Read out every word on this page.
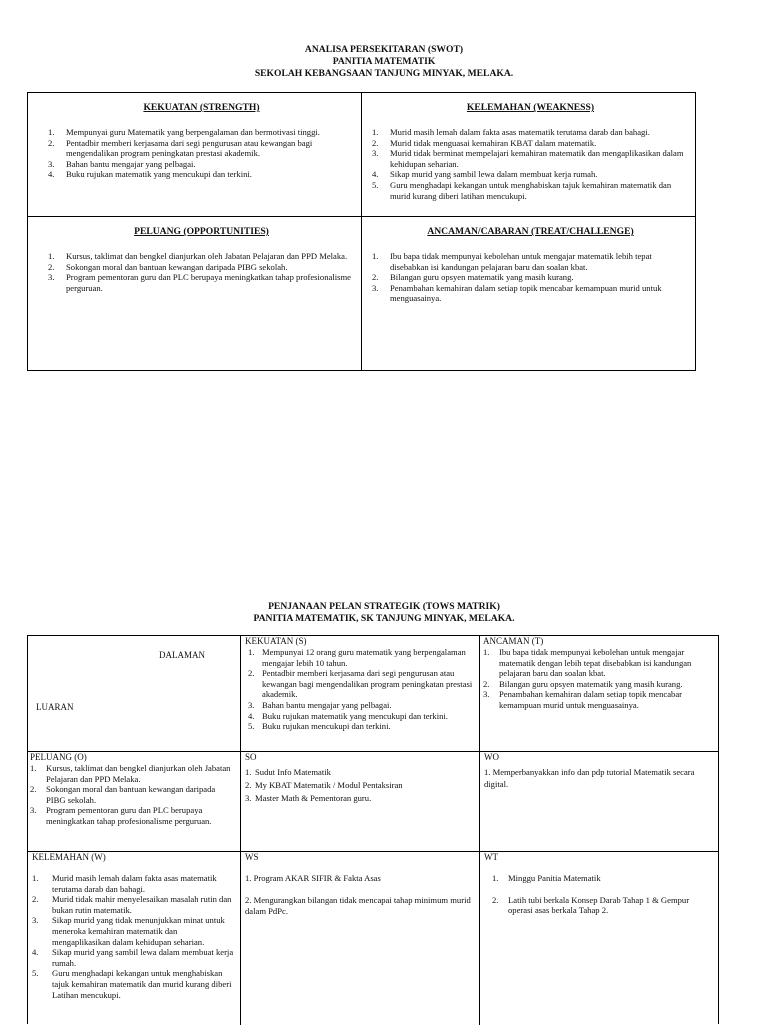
ANALISA PERSEKITARAN (SWOT)
PANITIA MATEMATIK
SEKOLAH KEBANGSAAN TANJUNG MINYAK, MELAKA.
KEKUATAN (STRENGTH)
1. Mempunyai guru Matematik yang berpengalaman dan bermotivasi tinggi.
2. Pentadbir memberi kerjasama dari segi pengurusan atau kewangan bagi mengendalikan program peningkatan prestasi akademik.
3. Bahan bantu mengajar yang pelbagai.
4. Buku rujukan matematik yang mencukupi dan terkini.
KELEMAHAN (WEAKNESS)
1. Murid masih lemah dalam fakta asas matematik terutama darab dan bahagi.
2. Murid tidak menguasai kemahiran KBAT dalam matematik.
3. Murid tidak berminat mempelajari kemahiran matematik dan mengaplikasikan dalam kehidupan seharian.
4. Sikap murid yang sambil lewa dalam membuat kerja rumah.
5. Guru menghadapi kekangan untuk menghabiskan tajuk kemahiran matematik dan murid kurang diberi latihan mencukupi.
PELUANG (OPPORTUNITIES)
1. Kursus, taklimat dan bengkel dianjurkan oleh Jabatan Pelajaran dan PPD Melaka.
2. Sokongan moral dan bantuan kewangan daripada PIBG sekolah.
3. Program pementoran guru dan PLC berupaya meningkatkan tahap profesionalisme perguruan.
ANCAMAN/CABARAN (TREAT/CHALLENGE)
1. Ibu bapa tidak mempunyai kebolehan untuk mengajar matematik lebih tepat disebabkan isi kandungan pelajaran baru dan soalan kbat.
2. Bilangan guru opsyen matematik yang masih kurang.
3. Penambahan kemahiran dalam setiap topik mencabar kemampuan murid untuk menguasainya.
PENJANAAN PELAN STRATEGIK (TOWS MATRIK)
PANITIA MATEMATIK, SK TANJUNG MINYAK, MELAKA.
DALAMAN
LUARAN
KEKUATAN (S)
1. Mempunyai 12 orang guru matematik yang berpengalaman mengajar lebih 10 tahun.
2. Pentadbir memberi kerjasama dari segi pengurusan atau kewangan bagi mengendalikan program peningkatan prestasi akademik.
3. Bahan bantu mengajar yang pelbagai.
4. Buku rujukan matematik yang mencukupi dan terkini.
5. Buku rujukan mencukupi dan terkini.
ANCAMAN (T)
1. Ibu bapa tidak mempunyai kebolehan untuk mengajar matematik dengan lebih tepat disebabkan isi kandungan pelajaran baru dan soalan kbat.
2. Bilangan guru opsyen matematik yang masih kurang.
3. Penambahan kemahiran dalam setiap topik mencabar kemampuan murid untuk menguasainya.
PELUANG (O)
1. Kursus, taklimat dan bengkel dianjurkan oleh Jabatan Pelajaran dan PPD Melaka.
2. Sokongan moral dan bantuan kewangan daripada PIBG sekolah.
3. Program pementoran guru dan PLC berupaya meningkatkan tahap profesionalisme perguruan.
SO
1. Sudut Info Matematik
2. My KBAT Matematik / Modul Pentaksiran
3. Master Math & Pementoran guru.
WO
1. Memperbanyakkan info dan pdp tutorial Matematik secara digital.
KELEMAHAN (W)
1. Murid masih lemah dalam fakta asas matematik terutama darab dan bahagi.
2. Murid tidak mahir menyelesaikan masalah rutin dan bukan rutin matematik.
3. Sikap murid yang tidak menunjukkan minat untuk meneroka kemahiran matematik dan mengaplikasikan dalam kehidupan seharian.
4. Sikap murid yang sambil lewa dalam membuat kerja rumah.
5. Guru menghadapi kekangan untuk menghabiskan tajuk kemahiran matematik dan murid kurang diberi Latihan mencukupi.
WS
1. Program AKAR SIFIR & Fakta Asas
2. Mengurangkan bilangan tidak mencapai tahap minimum murid dalam PdPc.
WT
1. Minggu Panitia Matematik
2. Latih tubi berkala Konsep Darab Tahap 1 & Gempur operasi asas berkala Tahap 2.
